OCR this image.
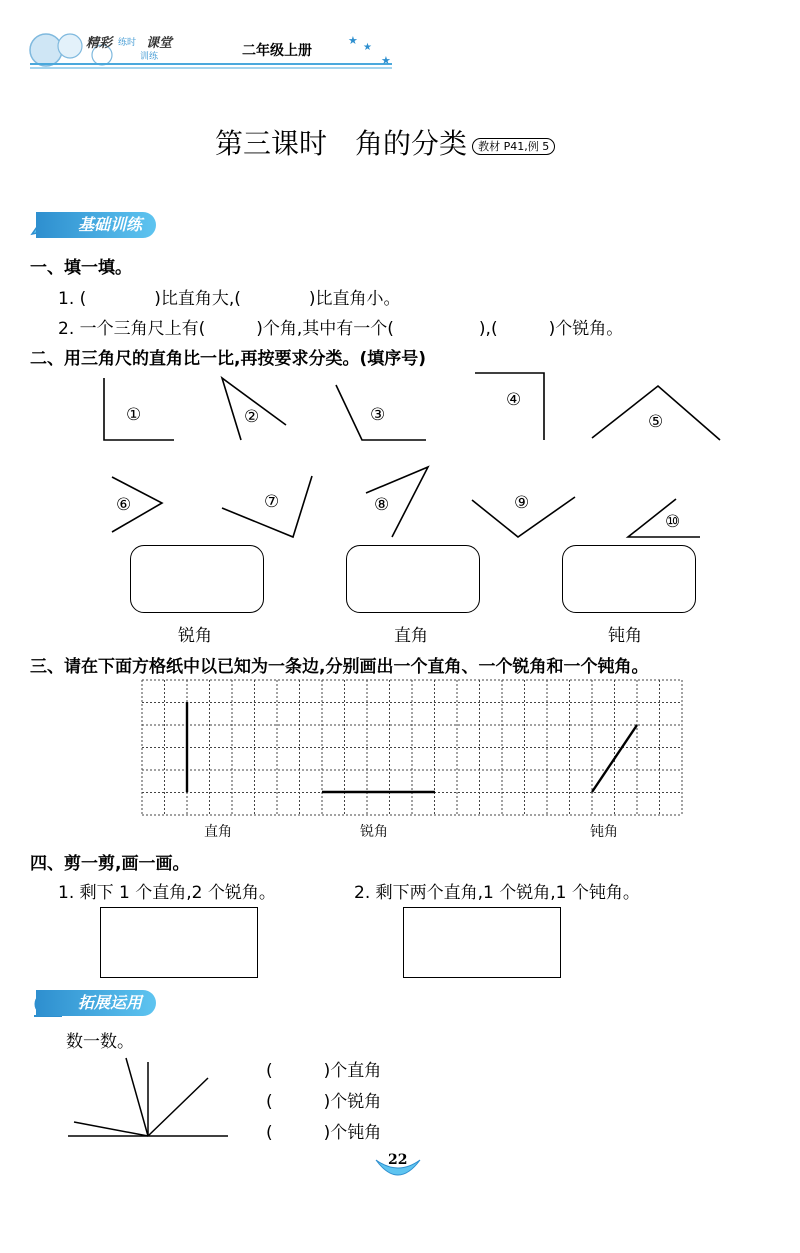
★
★
★
精彩 练时 课堂
训练	二年级上册
第三课时　角的分类 教材 P41,例 5
基础训练
一、填一填。
1. (　　　　)比直角大,(　　　　)比直角小。
2. 一个三角尺上有(　　　)个角,其中有一个(　　　　　),(　　　)个锐角。
二、用三角尺的直角比一比,再按要求分类。(填序号)
①	②	③
④
⑤
⑥	⑦	⑧	⑨
⑩
锐角	直角	钝角
三、请在下面方格纸中以已知为一条边,分别画出一个直角、一个锐角和一个钝角。
直角	锐角	钝角
四、剪一剪,画一画。
1. 剩下 1 个直角,2 个锐角。	2. 剩下两个直角,1 个锐角,1 个钝角。
拓展运用
数一数。
(　　　)个直角
(　　　)个锐角
(　　　)个钝角
22
